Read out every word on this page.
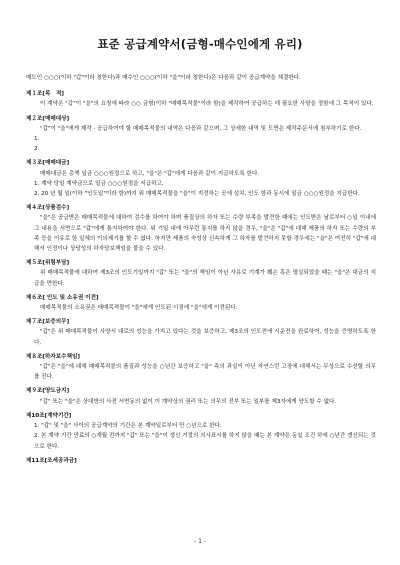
표준 공급계약서(금형-매수인에게 유리)

매도인 ○○○(이하 "갑"이라 칭한다)과 매수인 ○○○(이하 "을"이라 칭한다)은 다음과 같이 공급계약을 체결한다.

제１조[목　적]

이 계약은 "갑"이 "을"의 요청에 따라 ○○ 금형(이하 "매매목적물"이라 함)을 제작하여 공급하는 데 필요한 사항을 정함에 그 목적이 있다.

제２조[매매대상]

"갑"이 "을"에게 제작 · 공급하여야 할 매매목적물의 내역은 다음과 같으며, 그 상세한 내역 및 도면은 제작주문서에 첨부하기로 한다.

1.

2.

제３조[매매대금]

매매대금은 총액 일금 ○○○원정으로 하고, "을"은 "갑"에게 다음과 같이 지급하도록 한다.

1. 계약 당일 계약금으로 일금 ○○○원정을 지급하고,

2. 20 년 월 일(이하 "인도일"이라 함)까지 위 매매목적물을 "을"이 지정하는 곳에 설치, 인도 함과 동시에 일금 ○○○원정을 지급한다.

제４조[상품검수]

"을"은 공급받은 매매목적물에 대하여 검수를 하여야 하며 품질상의 하자 또는 수량 부족을 발견한 때에는 인도받은 날로부터 ○일 이내에 그 내용을 서면으로 "갑"에게 통지하여야 한다. 위 기일 내에 아무런 통지를 하지 않을 경우, "을"은 "갑"에 대해 제품의 하자 또는 수량의 부족 등을 이유로 한 일체의 이의제기를 할 수 없다. 하지만 제품의 숙성상 신속하게 그 하자를 발견하지 못할 경우에는 "을"은 여전히 "갑"에 대해서 인정이나 상당성의 하자담보책임을 물을 수 있다.

제５조[위험부담]

위 매매목적물에 대하여 제3조의 인도기일까지 "갑" 또는 "을"의 책임이 아닌 사유로 기계가 훼손 혹은 멸실되었을 때는 "을"은 대금의 지급을 면한다.

제６조[ 인도 및 소유권 이전]

매매목적물의 소유권은 매매목적물이 "을"에게 인도된 시점에 "을"에게 이전된다.

제７조[보증의무]

"갑"은 위 매매목적물이 사양서 대로의 성능을 가지고 있다는 것을 보증하고, 제3조의 인도전에 시운전을 완료하여, 성능을 증명하도록 한다.

제８조[하자보수책임]

"갑"은 "을"에 대해 매매목적물의 품질과 성능을 ○년간 보증하고 "을" 측의 과실이 아닌 자연스런 고장에 대해서는 무상으로 수선할 의무를 진다.

제９조[양도금지]

"갑" 또는 "을"은 상대방의 사전 서면동의 없이 이 계약상의 권리 또는 의무의 전부 또는 일부를 제3자에게 양도할 수 없다.

제10조[계약기간]

1. "갑" 및 "을" 사이의 공급계약의 기간은 본 계약일로부터 만 ○년으로 한다.

2. 본 계약 기간 만료의 ○개월 전까지 "갑" 또는 "을"이 갱신 거절의 의사표시를 하지 않을 때는 본 계약은 동일 조건 하에 ○년간 갱신되는 것으로 한다.

제11조[조세공과금]

- 1 -
